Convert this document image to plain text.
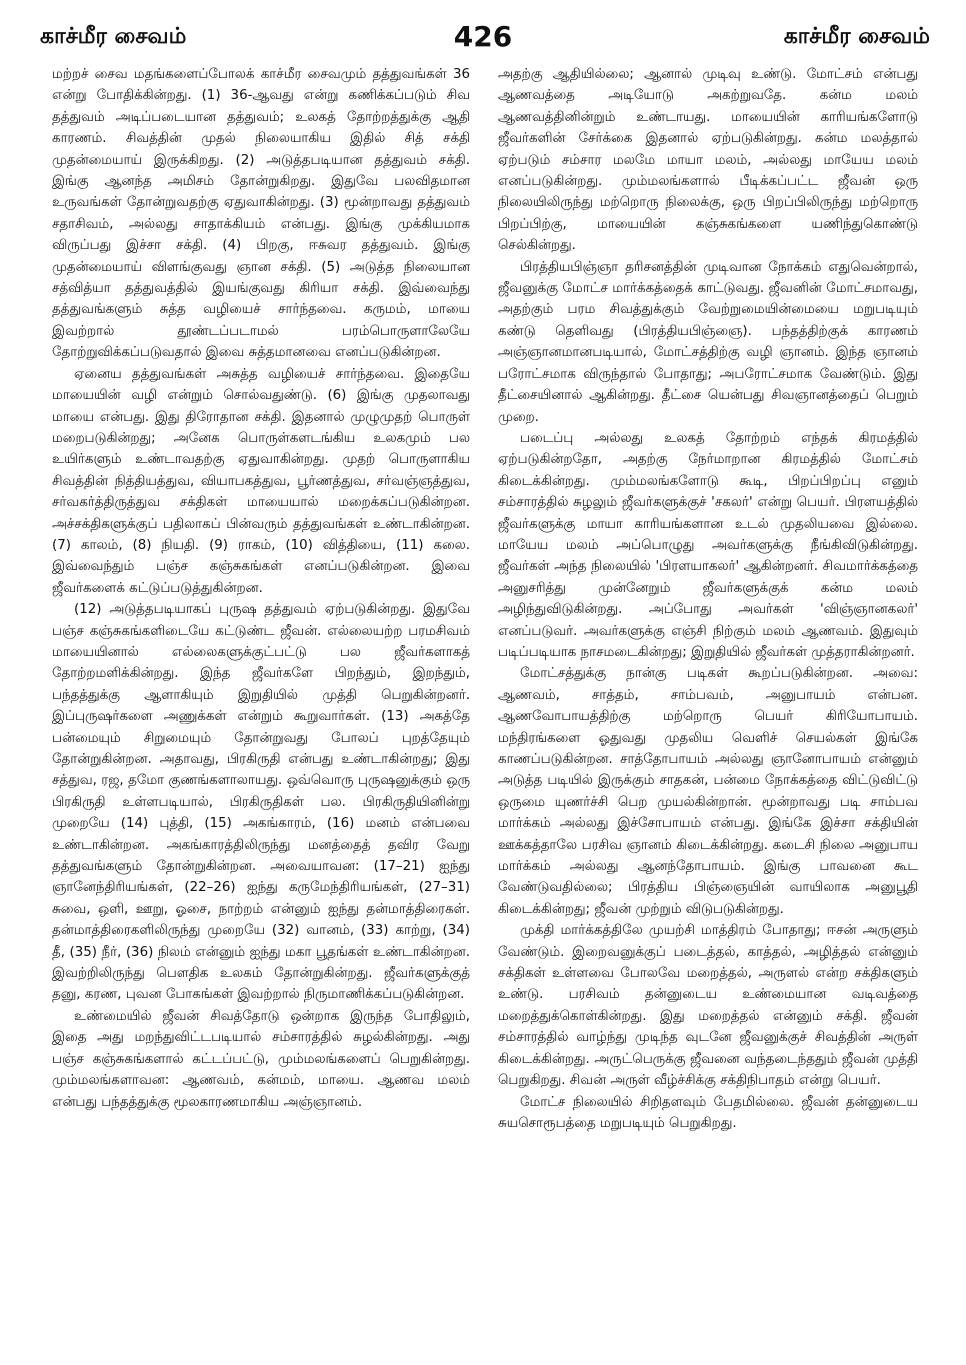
காச்மீர சைவம்	426	காச்மீர சைவம்

மற்றச் சைவ மதங்களைப்போலக் காச்மீர சைவமும் தத்துவங்கள் 36 என்று போதிக்கின்றது. (1) 36-ஆவது என்று கணிக்கப்படும் சிவ தத்துவம் அடிப்படையான தத்துவம்; உலகத் தோற்றத்துக்கு ஆதி காரணம். சிவத்தின் முதல் நிலையாகிய இதில் சித் சக்தி முதன்மையாய் இருக்கிறது. (2) அடுத்தபடியான தத்துவம் சக்தி. இங்கு ஆனந்த அமிசம் தோன்றுகிறது. இதுவே பலவிதமான உருவங்கள் தோன்றுவதற்கு ஏதுவாகின்றது. (3) மூன்றாவது தத்துவம் சதாசிவம், அல்லது சாதாக்கியம் என்பது. இங்கு முக்கியமாக விருப்பது இச்சா சக்தி. (4) பிறகு, ஈசுவர தத்துவம். இங்கு முதன்மையாய் விளங்குவது ஞான சக்தி. (5) அடுத்த நிலையான சத்வித்யா தத்துவத்தில் இயங்குவது கிரியா சக்தி. இவ்வைந்து தத்துவங்களும் சுத்த வழியைச் சார்ந்தவை. கருமம், மாயை இவற்றால் தூண்டப்படாமல் பரம்பொருளாலேயே தோற்றுவிக்கப்படுவதால் இவை சுத்தமானவை எனப்படுகின்றன.

ஏனைய தத்துவங்கள் அசுத்த வழியைச் சார்ந்தவை. இதையே மாயையின் வழி என்றும் சொல்வதுண்டு. (6) இங்கு முதலாவது மாயை என்பது. இது திரோதான சக்தி. இதனால் முழுமுதற் பொருள் மறைபடுகின்றது; அனேக பொருள்களடங்கிய உலகமும் பல உயிர்களும் உண்டாவதற்கு ஏதுவாகின்றது. முதற் பொருளாகிய சிவத்தின் நித்தியத்துவ, வியாபகத்துவ, பூர்ணத்துவ, சர்வஞ்ஞத்துவ, சர்வகர்த்திருத்துவ சக்திகள் மாயையால் மறைக்கப்படுகின்றன. அச்சக்திகளுக்குப் பதிலாகப் பின்வரும் தத்துவங்கள் உண்டாகின்றன. (7) காலம், (8) நியதி. (9) ராகம், (10) வித்தியை, (11) கலை. இவ்வைந்தும் பஞ்ச கஞ்சுகங்கள் எனப்படுகின்றன. இவை ஜீவர்களைக் கட்டுப்படுத்துகின்றன.

(12) அடுத்தபடியாகப் புருஷ தத்துவம் ஏற்படுகின்றது. இதுவே பஞ்ச கஞ்சுகங்களிடையே கட்டுண்ட ஜீவன். எல்லையற்ற பரமசிவம் மாயையினால் எல்லைகளுக்குட்பட்டு பல ஜீவர்களாகத் தோற்றமளிக்கின்றது. இந்த ஜீவர்களே பிறந்தும், இறந்தும், பந்தத்துக்கு ஆளாகியும் இறுதியில் முத்தி பெறுகின்றனர். இப்புருஷர்களை அணுக்கள் என்றும் கூறுவார்கள். (13) அகத்தே பன்மையும் சிறுமையும் தோன்றுவது போலப் புறத்தேயும் தோன்றுகின்றன. அதாவது, பிரகிருதி என்பது உண்டாகின்றது; இது சத்துவ, ரஜ, தமோ குணங்களாலாயது. ஒவ்வொரு புருஷனுக்கும் ஒரு பிரகிருதி உள்ளபடியால், பிரகிருதிகள் பல. பிரகிருதியினின்று முறையே (14) புத்தி, (15) அகங்காரம், (16) மனம் என்பவை உண்டாகின்றன. அகங்காரத்திலிருந்து மனத்தைத் தவிர வேறு தத்துவங்களும் தோன்றுகின்றன. அவையாவன: (17–21) ஐந்து ஞானேந்திரியங்கள், (22–26) ஐந்து கருமேந்திரியங்கள், (27–31) சுவை, ஒளி, ஊறு, ஓசை, நாற்றம் என்னும் ஐந்து தன்மாத்திரைகள். தன்மாத்திரைகளிலிருந்து முறையே (32) வானம், (33) காற்று, (34) தீ, (35) நீர், (36) நிலம் என்னும் ஐந்து மகா பூதங்கள் உண்டாகின்றன. இவற்றிலிருந்து பௌதிக உலகம் தோன்றுகின்றது. ஜீவர்களுக்குத் தனு, கரண, புவன போகங்கள் இவற்றால் நிருமாணிக்கப்படுகின்றன.

உண்மையில் ஜீவன் சிவத்தோடு ஒன்றாக இருந்த போதிலும், இதை அது மறந்துவிட்டபடியால் சம்சாரத்தில் சுழல்கின்றது. அது பஞ்ச கஞ்சுகங்களால் கட்டப்பட்டு, மும்மலங்களைப் பெறுகின்றது. மும்மலங்களாவன: ஆணவம், கன்மம், மாயை. ஆணவ மலம் என்பது பந்தத்துக்கு மூலகாரணமாகிய அஞ்ஞானம்.

அதற்கு ஆதியில்லை; ஆனால் முடிவு உண்டு. மோட்சம் என்பது ஆணவத்தை அடியோடு அகற்றுவதே. கன்ம மலம் ஆணவத்தினின்றும் உண்டாயது. மாயையின் காரியங்களோடு ஜீவர்களின் சேர்க்கை இதனால் ஏற்படுகின்றது. கன்ம மலத்தால் ஏற்படும் சம்சார மலமே மாயா மலம், அல்லது மாயேய மலம் எனப்படுகின்றது. மும்மலங்களால் பீடிக்கப்பட்ட ஜீவன் ஒரு நிலையிலிருந்து மற்றொரு நிலைக்கு, ஒரு பிறப்பிலிருந்து மற்றொரு பிறப்பிற்கு, மாயையின் கஞ்சுகங்களை யணிந்துகொண்டு செல்கின்றது.

பிரத்தியபிஞ்ஞா தரிசனத்தின் முடிவான நோக்கம் எதுவென்றால், ஜீவனுக்கு மோட்ச மார்க்கத்தைக் காட்டுவது. ஜீவனின் மோட்சமாவது, அதற்கும் பரம சிவத்துக்கும் வேற்றுமையின்மையை மறுபடியும் கண்டு தெளிவது (பிரத்தியபிஞ்ஞை). பந்தத்திற்குக் காரணம் அஞ்ஞானமானபடியால், மோட்சத்திற்கு வழி ஞானம். இந்த ஞானம் பரோட்சமாக விருந்தால் போதாது; அபரோட்சமாக வேண்டும். இது தீட்சையினால் ஆகின்றது. தீட்சை யென்பது சிவஞானத்தைப் பெறும் முறை.

படைப்பு அல்லது உலகத் தோற்றம் எந்தக் கிரமத்தில் ஏற்படுகின்றதோ, அதற்கு நேர்மாறான கிரமத்தில் மோட்சம் கிடைக்கின்றது. மும்மலங்களோடு கூடி, பிறப்பிறப்பு எனும் சம்சாரத்தில் சுழலும் ஜீவர்களுக்குச் 'சகலர்' என்று பெயர். பிரளயத்தில் ஜீவர்களுக்கு மாயா காரியங்களான உடல் முதலியவை இல்லை. மாயேய மலம் அப்பொழுது அவர்களுக்கு நீங்கிவிடுகின்றது. ஜீவர்கள் அந்த நிலையில் 'பிரளயாகலர்' ஆகின்றனர். சிவமார்க்கத்தை அனுசரித்து முன்னேறும் ஜீவர்களுக்குக் கன்ம மலம் அழிந்துவிடுகின்றது. அப்போது அவர்கள் 'விஞ்ஞானகலர்' எனப்படுவர். அவர்களுக்கு எஞ்சி நிற்கும் மலம் ஆணவம். இதுவும் படிப்படியாக நாசமடைகின்றது; இறுதியில் ஜீவர்கள் முத்தராகின்றனர்.

மோட்சத்துக்கு நான்கு படிகள் கூறப்படுகின்றன. அவை: ஆணவம், சாத்தம், சாம்பவம், அனுபாயம் என்பன. ஆணவோபாயத்திற்கு மற்றொரு பெயர் கிரியோபாயம். மந்திரங்களை ஓதுவது முதலிய வெளிச் செயல்கள் இங்கே காணப்படுகின்றன. சாத்தோபாயம் அல்லது ஞானோபாயம் என்னும் அடுத்த படியில் இருக்கும் சாதகன், பன்மை நோக்கத்தை விட்டுவிட்டு ஒருமை யுணர்ச்சி பெற முயல்கின்றான். மூன்றாவது படி சாம்பவ மார்க்கம் அல்லது இச்சோபாயம் என்பது. இங்கே இச்சா சக்தியின் ஊக்கத்தாலே பரசிவ ஞானம் கிடைக்கின்றது. கடைசி நிலை அனுபாய மார்க்கம் அல்லது ஆனந்தோபாயம். இங்கு பாவனை கூட வேண்டுவதில்லை; பிரத்திய பிஞ்ஞையின் வாயிலாக அனுபூதி கிடைக்கின்றது; ஜீவன் முற்றும் விடுபடுகின்றது.

முக்தி மார்க்கத்திலே முயற்சி மாத்திரம் போதாது; ஈசன் அருளும் வேண்டும். இறைவனுக்குப் படைத்தல், காத்தல், அழித்தல் என்னும் சக்திகள் உள்ளவை போலவே மறைத்தல், அருளல் என்ற சக்திகளும் உண்டு. பரசிவம் தன்னுடைய உண்மையான வடிவத்தை மறைத்துக்கொள்கின்றது. இது மறைத்தல் என்னும் சக்தி. ஜீவன் சம்சாரத்தில் வாழ்ந்து முடிந்த வுடனே ஜீவனுக்குச் சிவத்தின் அருள் கிடைக்கின்றது. அருட்பெருக்கு ஜீவனை வந்தடைந்ததும் ஜீவன் முத்தி பெறுகிறது. சிவன் அருள் வீழ்ச்சிக்கு சக்திநிபாதம் என்று பெயர்.

மோட்ச நிலையில் சிறிதளவும் பேதமில்லை. ஜீவன் தன்னுடைய சுயசொரூபத்தை மறுபடியும் பெறுகிறது.
